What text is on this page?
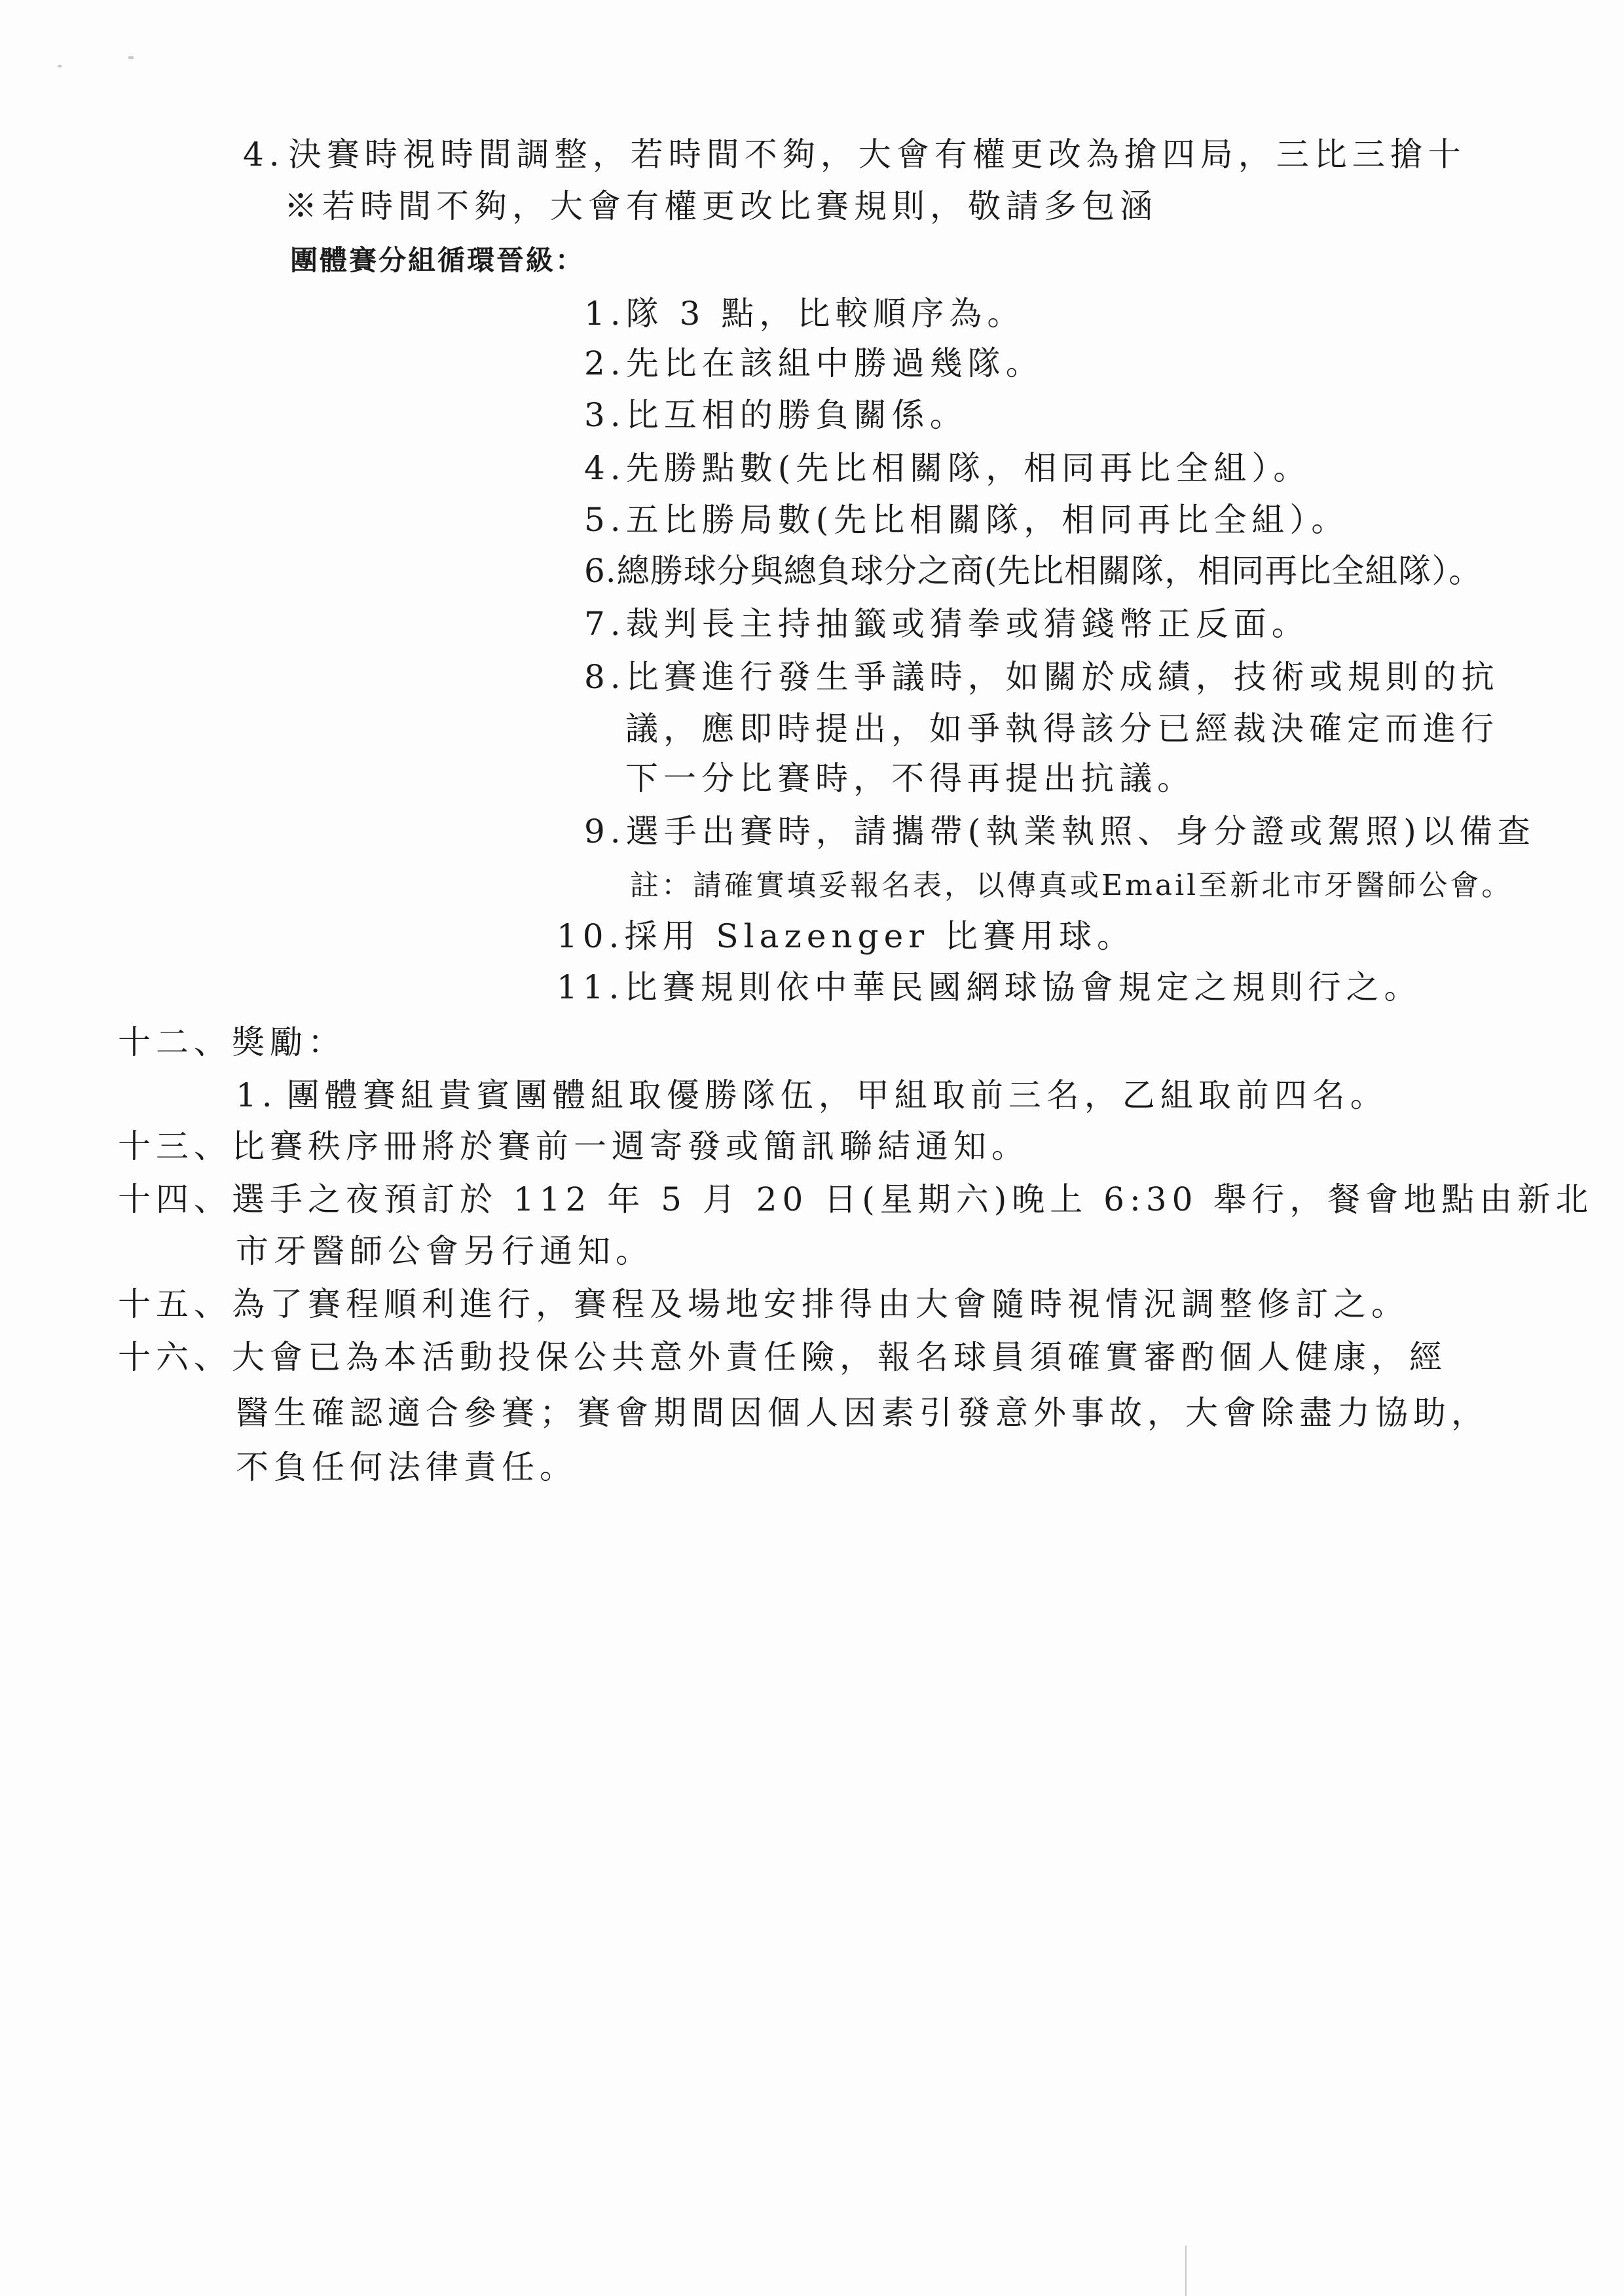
4. 決賽時視時間調整，若時間不夠，大會有權更改為搶四局，三比三搶十
※若時間不夠，大會有權更改比賽規則，敬請多包涵
團體賽分組循環晉級：
1.隊 3 點，比較順序為。
2.先比在該組中勝過幾隊。
3.比互相的勝負關係。
4.先勝點數(先比相關隊，相同再比全組）。
5.五比勝局數(先比相關隊，相同再比全組）。
6.總勝球分與總負球分之商(先比相關隊，相同再比全組隊）。
7.裁判長主持抽籤或猜拳或猜錢幣正反面。
8.比賽進行發生爭議時，如關於成績，技術或規則的抗
議，應即時提出，如爭執得該分已經裁決確定而進行
下一分比賽時，不得再提出抗議。
9.選手出賽時，請攜帶(執業執照、身分證或駕照)以備查
註：請確實填妥報名表，以傳真或Email至新北市牙醫師公會。
10.採用 Slazenger 比賽用球。
11.比賽規則依中華民國網球協會規定之規則行之。
十二、獎勵：
1. 團體賽組貴賓團體組取優勝隊伍，甲組取前三名，乙組取前四名。
十三、比賽秩序冊將於賽前一週寄發或簡訊聯結通知。
十四、選手之夜預訂於 112 年 5 月 20 日(星期六)晚上 6:30 舉行，餐會地點由新北
市牙醫師公會另行通知。
十五、為了賽程順利進行，賽程及場地安排得由大會隨時視情況調整修訂之。
十六、大會已為本活動投保公共意外責任險，報名球員須確實審酌個人健康，經
醫生確認適合參賽；賽會期間因個人因素引發意外事故，大會除盡力協助，
不負任何法律責任。
